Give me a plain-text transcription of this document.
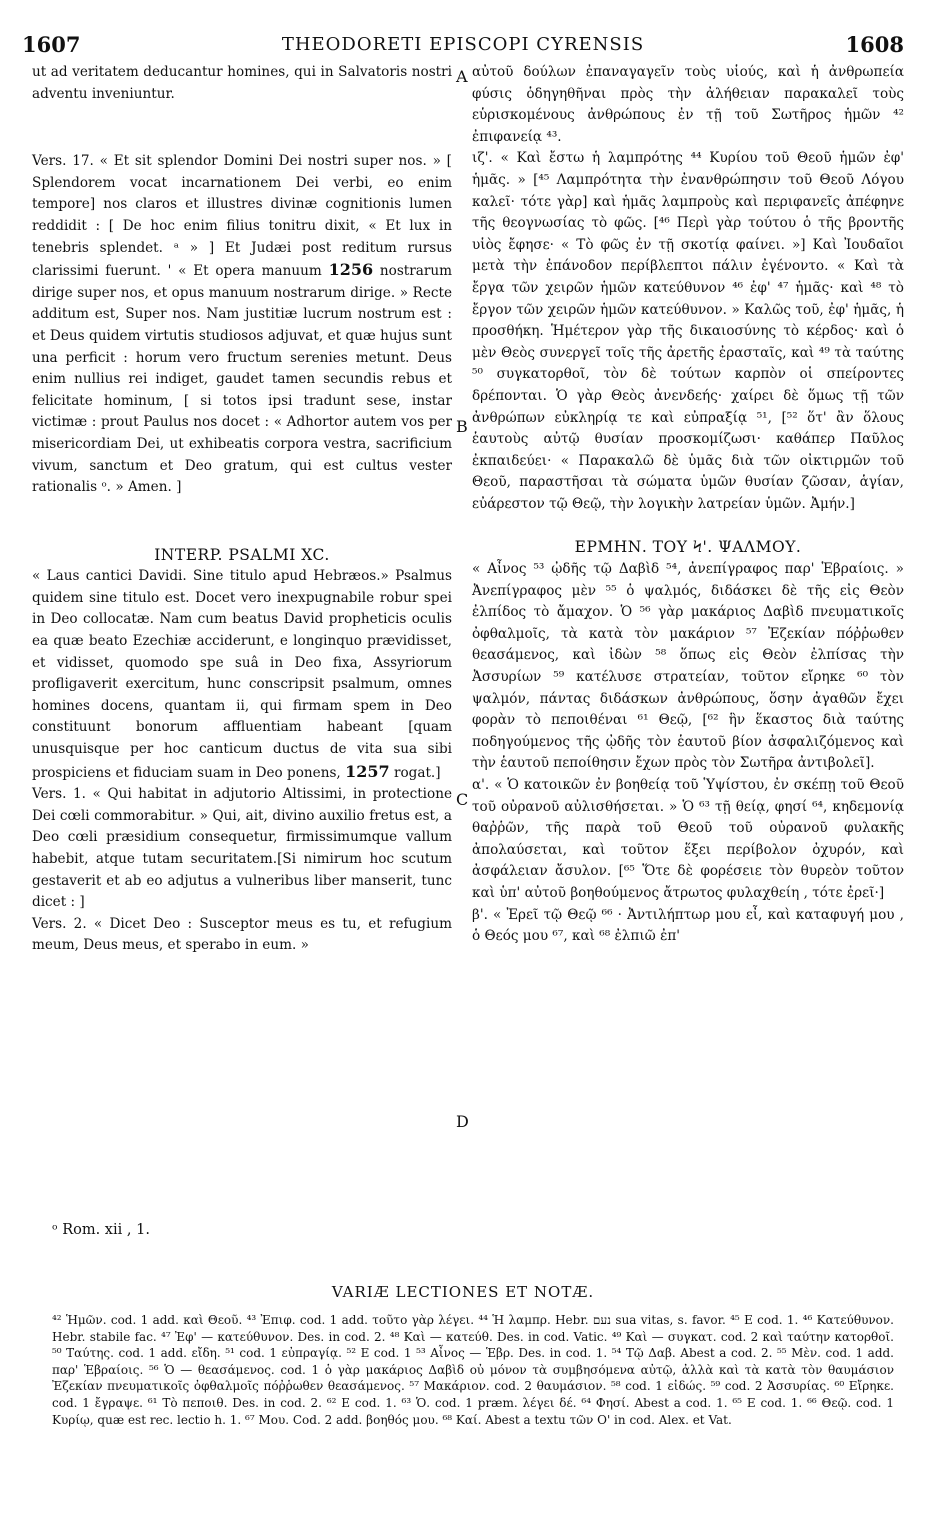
1607	THEODORETI EPISCOPI CYRENSIS	1608

ut ad veritatem deducantur homines, qui in Salvatoris nostri adventu inveniuntur.

Vers. 17. « Et sit splendor Domini Dei nostri super nos. » [ Splendorem vocat incarnationem Dei verbi, eo enim tempore] nos claros et illustres divinæ cognitionis lumen reddidit : [ De hoc enim filius tonitru dixit, « Et lux in tenebris splendet. ᵃ » ] Et Judæi post reditum rursus clarissimi fuerunt. ' « Et opera manuum 1256 nostrarum dirige super nos, et opus manuum nostrarum dirige. » Recte additum est, Super nos. Nam justitiæ lucrum nostrum est : et Deus quidem virtutis studiosos adjuvat, et quæ hujus sunt una perficit : horum vero fructum serenies metunt. Deus enim nullius rei indiget, gaudet tamen secundis rebus et felicitate hominum, [ si totos ipsi tradunt sese, instar victimæ : prout Paulus nos docet : « Adhortor autem vos per misericordiam Dei, ut exhibeatis corpora vestra, sacrificium vivum, sanctum et Deo gratum, qui est cultus vester rationalis ᵒ. » Amen. ]

INTERP. PSALMI XC.

« Laus cantici Davidi. Sine titulo apud Hebræos.» Psalmus quidem sine titulo est. Docet vero inexpugnabile robur spei in Deo collocatæ. Nam cum beatus David propheticis oculis ea quæ beato Ezechiæ acciderunt, e longinquo prævidisset, et vidisset, quomodo spe suâ in Deo fixa, Assyriorum profligaverit exercitum, hunc conscripsit psalmum, omnes homines docens, quantam ii, qui firmam spem in Deo constituunt bonorum affluentiam habeant [quam unusquisque per hoc canticum ductus de vita sua sibi prospiciens et fiduciam suam in Deo ponens, 1257 rogat.]

Vers. 1. « Qui habitat in adjutorio Altissimi, in protectione Dei cœli commorabitur. » Qui, ait, divino auxilio fretus est, a Deo cœli præsidium consequetur, firmissimumque vallum habebit, atque tutam securitatem.[Si nimirum hoc scutum gestaverit et ab eo adjutus a vulneribus liber manserit, tunc dicet : ]

Vers. 2. « Dicet Deo : Susceptor meus es tu, et refugium meum, Deus meus, et sperabo in eum. »

αὐτοῦ δούλων ἐπαναγαγεῖν τοὺς υἱούς, καὶ ἡ ἀνθρωπεία φύσις ὁδηγηθῆναι πρὸς τὴν ἀλήθειαν παρακαλεῖ τοὺς εὑρισκομένους ἀνθρώπους ἐν τῇ τοῦ Σωτῆρος ἡμῶν ⁴² ἐπιφανείᾳ ⁴³.

ιζ'. « Καὶ ἔστω ἡ λαμπρότης ⁴⁴ Κυρίου τοῦ Θεοῦ ἡμῶν ἐφ' ἡμᾶς. » [⁴⁵ Λαμπρότητα τὴν ἐνανθρώπησιν τοῦ Θεοῦ Λόγου καλεῖ· τότε γὰρ] καὶ ἡμᾶς λαμπροὺς καὶ περιφανεῖς ἀπέφηνε τῆς θεογνωσίας τὸ φῶς. [⁴⁶ Περὶ γὰρ τούτου ὁ τῆς βροντῆς υἱὸς ἔφησε· « Τὸ φῶς ἐν τῇ σκοτίᾳ φαίνει. »] Καὶ Ἰουδαῖοι μετὰ τὴν ἐπάνοδον περίβλεπτοι πάλιν ἐγένοντο. « Καὶ τὰ ἔργα τῶν χειρῶν ἡμῶν κατεύθυνον ⁴⁶ ἐφ' ⁴⁷ ἡμᾶς· καὶ ⁴⁸ τὸ ἔργον τῶν χειρῶν ἡμῶν κατεύθυνον. » Καλῶς τοῦ, ἐφ' ἡμᾶς, ἡ προσθήκη. Ἡμέτερον γὰρ τῆς δικαιοσύνης τὸ κέρδος· καὶ ὁ μὲν Θεὸς συνεργεῖ τοῖς τῆς ἀρετῆς ἐρασταῖς, καὶ ⁴⁹ τὰ ταύτης ⁵⁰ συγκατορθοῖ, τὸν δὲ τούτων καρπὸν οἱ σπείροντες δρέπονται. Ὁ γὰρ Θεὸς ἀνενδεής· χαίρει δὲ ὅμως τῇ τῶν ἀνθρώπων εὐκληρίᾳ τε καὶ εὐπραξίᾳ ⁵¹, [⁵² ὅτ' ἂν ὅλους ἑαυτοὺς αὐτῷ θυσίαν προσκομίζωσι· καθάπερ Παῦλος ἐκπαιδεύει· « Παρακαλῶ δὲ ὑμᾶς διὰ τῶν οἰκτιρμῶν τοῦ Θεοῦ, παραστῆσαι τὰ σώματα ὑμῶν θυσίαν ζῶσαν, ἁγίαν, εὐάρεστον τῷ Θεῷ, τὴν λογικὴν λατρείαν ὑμῶν. Ἀμήν.]

ΕΡΜΗΝ. ΤΟΥ Ϟ'. ΨΑΛΜΟΥ.

« Αἶνος ⁵³ ᾠδῆς τῷ Δαβὶδ ⁵⁴, ἀνεπίγραφος παρ' Ἑβραίοις. » Ἀνεπίγραφος μὲν ⁵⁵ ὁ ψαλμός, διδάσκει δὲ τῆς εἰς Θεὸν ἐλπίδος τὸ ἄμαχον. Ὁ ⁵⁶ γὰρ μακάριος Δαβὶδ πνευματικοῖς ὀφθαλμοῖς, τὰ κατὰ τὸν μακάριον ⁵⁷ Ἐζεκίαν πόῤῥωθεν θεασάμενος, καὶ ἰδὼν ⁵⁸ ὅπως εἰς Θεὸν ἐλπίσας τὴν Ἀσσυρίων ⁵⁹ κατέλυσε στρατείαν, τοῦτον εἴρηκε ⁶⁰ τὸν ψαλμόν, πάντας διδάσκων ἀνθρώπους, ὅσην ἀγαθῶν ἔχει φορὰν τὸ πεποιθέναι ⁶¹ Θεῷ, [⁶² ἣν ἕκαστος διὰ ταύτης ποδηγούμενος τῆς ᾠδῆς τὸν ἑαυτοῦ βίον ἀσφαλιζόμενος καὶ τὴν ἑαυτοῦ πεποίθησιν ἔχων πρὸς τὸν Σωτῆρα ἀντιβολεῖ].

α'. « Ὁ κατοικῶν ἐν βοηθείᾳ τοῦ Ὑψίστου, ἐν σκέπῃ τοῦ Θεοῦ τοῦ οὐρανοῦ αὐλισθήσεται. » Ὁ ⁶³ τῇ θείᾳ, φησί ⁶⁴, κηδεμονίᾳ θαῤῥῶν, τῆς παρὰ τοῦ Θεοῦ τοῦ οὐρανοῦ φυλακῆς ἀπολαύσεται, καὶ τοῦτον ἕξει περίβολον ὀχυρόν, καὶ ἀσφάλειαν ἄσυλον. [⁶⁵ Ὅτε δὲ φορέσειε τὸν θυρεὸν τοῦτον καὶ ὑπ' αὐτοῦ βοηθούμενος ἄτρωτος φυλαχθείη , τότε ἐρεῖ·]

β'. « Ἐρεῖ τῷ Θεῷ ⁶⁶ · Ἀντιλήπτωρ μου εἶ, καὶ καταφυγή μου , ὁ Θεός μου ⁶⁷, καὶ ⁶⁸ ἐλπιῶ ἐπ'

A
B
C
D
ᵒ Rom. xii , 1.
VARIÆ LECTIONES ET NOTÆ.
⁴² Ἡμῶν. cod. 1 add. καὶ Θεοῦ. ⁴³ Ἐπιφ. cod. 1 add. τοῦτο γὰρ λέγει. ⁴⁴ Ἡ λαμπρ. Hebr. נעם sua vitas, s. favor. ⁴⁵ E cod. 1. ⁴⁶ Κατεύθυνον. Hebr. stabile fac. ⁴⁷ Ἐφ' — κατεύθυνον. Des. in cod. 2. ⁴⁸ Καὶ — κατεύθ. Des. in cod. Vatic. ⁴⁹ Καὶ — συγκατ. cod. 2 καὶ ταύτην κατορθοῖ. ⁵⁰ Ταύτης. cod. 1 add. εἴδη. ⁵¹ cod. 1 εὐπραγίᾳ. ⁵² E cod. 1 ⁵³ Αἶνος — Ἑβρ. Des. in cod. 1. ⁵⁴ Τῷ Δαβ. Abest a cod. 2. ⁵⁵ Μὲν. cod. 1 add. παρ' Ἑβραίοις. ⁵⁶ Ὁ — θεασάμενος. cod. 1 ὁ γὰρ μακάριος Δαβὶδ οὐ μόνον τὰ συμβησόμενα αὐτῷ, ἀλλὰ καὶ τὰ κατὰ τὸν θαυμάσιον Ἐζεκίαν πνευματικοῖς ὀφθαλμοῖς πόῤῥωθεν θεασάμενος. ⁵⁷ Μακάριον. cod. 2 θαυμάσιον. ⁵⁸ cod. 1 εἰδώς. ⁵⁹ cod. 2 Ἀσσυρίας. ⁶⁰ Εἴρηκε. cod. 1 ἔγραψε. ⁶¹ Τὸ πεποιθ. Des. in cod. 2. ⁶² E cod. 1. ⁶³ Ὁ. cod. 1 præm. λέγει δέ. ⁶⁴ Φησί. Abest a cod. 1. ⁶⁵ E cod. 1. ⁶⁶ Θεῷ. cod. 1 Κυρίῳ, quæ est rec. lectio h. 1. ⁶⁷ Μου. Cod. 2 add. βοηθός μου. ⁶⁸ Καί. Abest a textu τῶν Ο' in cod. Alex. et Vat.
